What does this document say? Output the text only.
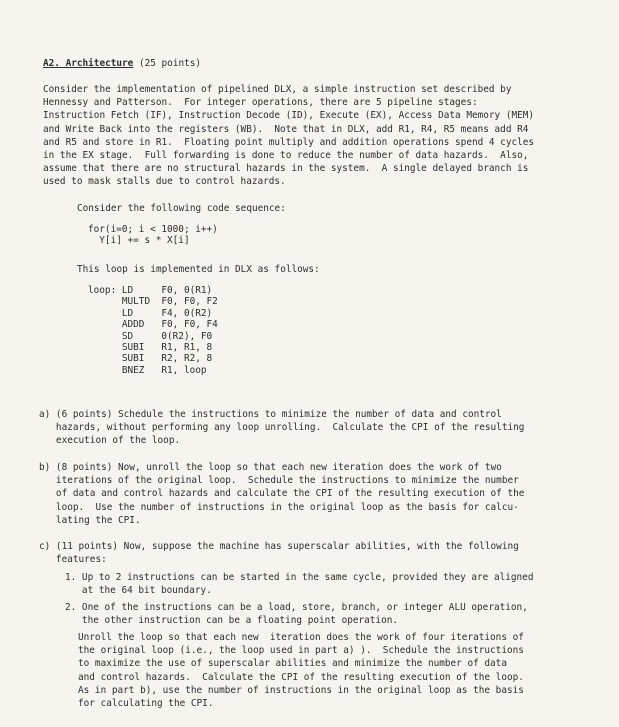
A2. Architecture (25 points)
Consider the implementation of pipelined DLX, a simple instruction set described by
Hennessy and Patterson.  For integer operations, there are 5 pipeline stages:
Instruction Fetch (IF), Instruction Decode (ID), Execute (EX), Access Data Memory (MEM)
and Write Back into the registers (WB).  Note that in DLX, add R1, R4, R5 means add R4
and R5 and store in R1.  Floating point multiply and addition operations spend 4 cycles
in the EX stage.  Full forwarding is done to reduce the number of data hazards.  Also,
assume that there are no structural hazards in the system.  A single delayed branch is
used to mask stalls due to control hazards.
Consider the following code sequence:
for(i=0; i < 1000; i++)
Y[i] += s * X[i]
This loop is implemented in DLX as follows:
loop: LD     F0, 0(R1)
MULTD  F0, F0, F2
LD     F4, 0(R2)
ADDD   F0, F0, F4
SD     0(R2), F0
SUBI   R1, R1, 8
SUBI   R2, R2, 8
BNEZ   R1, loop
a) (6 points) Schedule the instructions to minimize the number of data and control
hazards, without performing any loop unrolling.  Calculate the CPI of the resulting
execution of the loop.
b) (8 points) Now, unroll the loop so that each new iteration does the work of two
iterations of the original loop.  Schedule the instructions to minimize the number
of data and control hazards and calculate the CPI of the resulting execution of the
loop.  Use the number of instructions in the original loop as the basis for calcu-
lating the CPI.
c) (11 points) Now, suppose the machine has superscalar abilities, with the following
features:
1. Up to 2 instructions can be started in the same cycle, provided they are aligned
at the 64 bit boundary.
2. One of the instructions can be a load, store, branch, or integer ALU operation,
the other instruction can be a floating point operation.
Unroll the loop so that each new  iteration does the work of four iterations of
the original loop (i.e., the loop used in part a) ).  Schedule the instructions
to maximize the use of superscalar abilities and minimize the number of data
and control hazards.  Calculate the CPI of the resulting execution of the loop.
As in part b), use the number of instructions in the original loop as the basis
for calculating the CPI.
